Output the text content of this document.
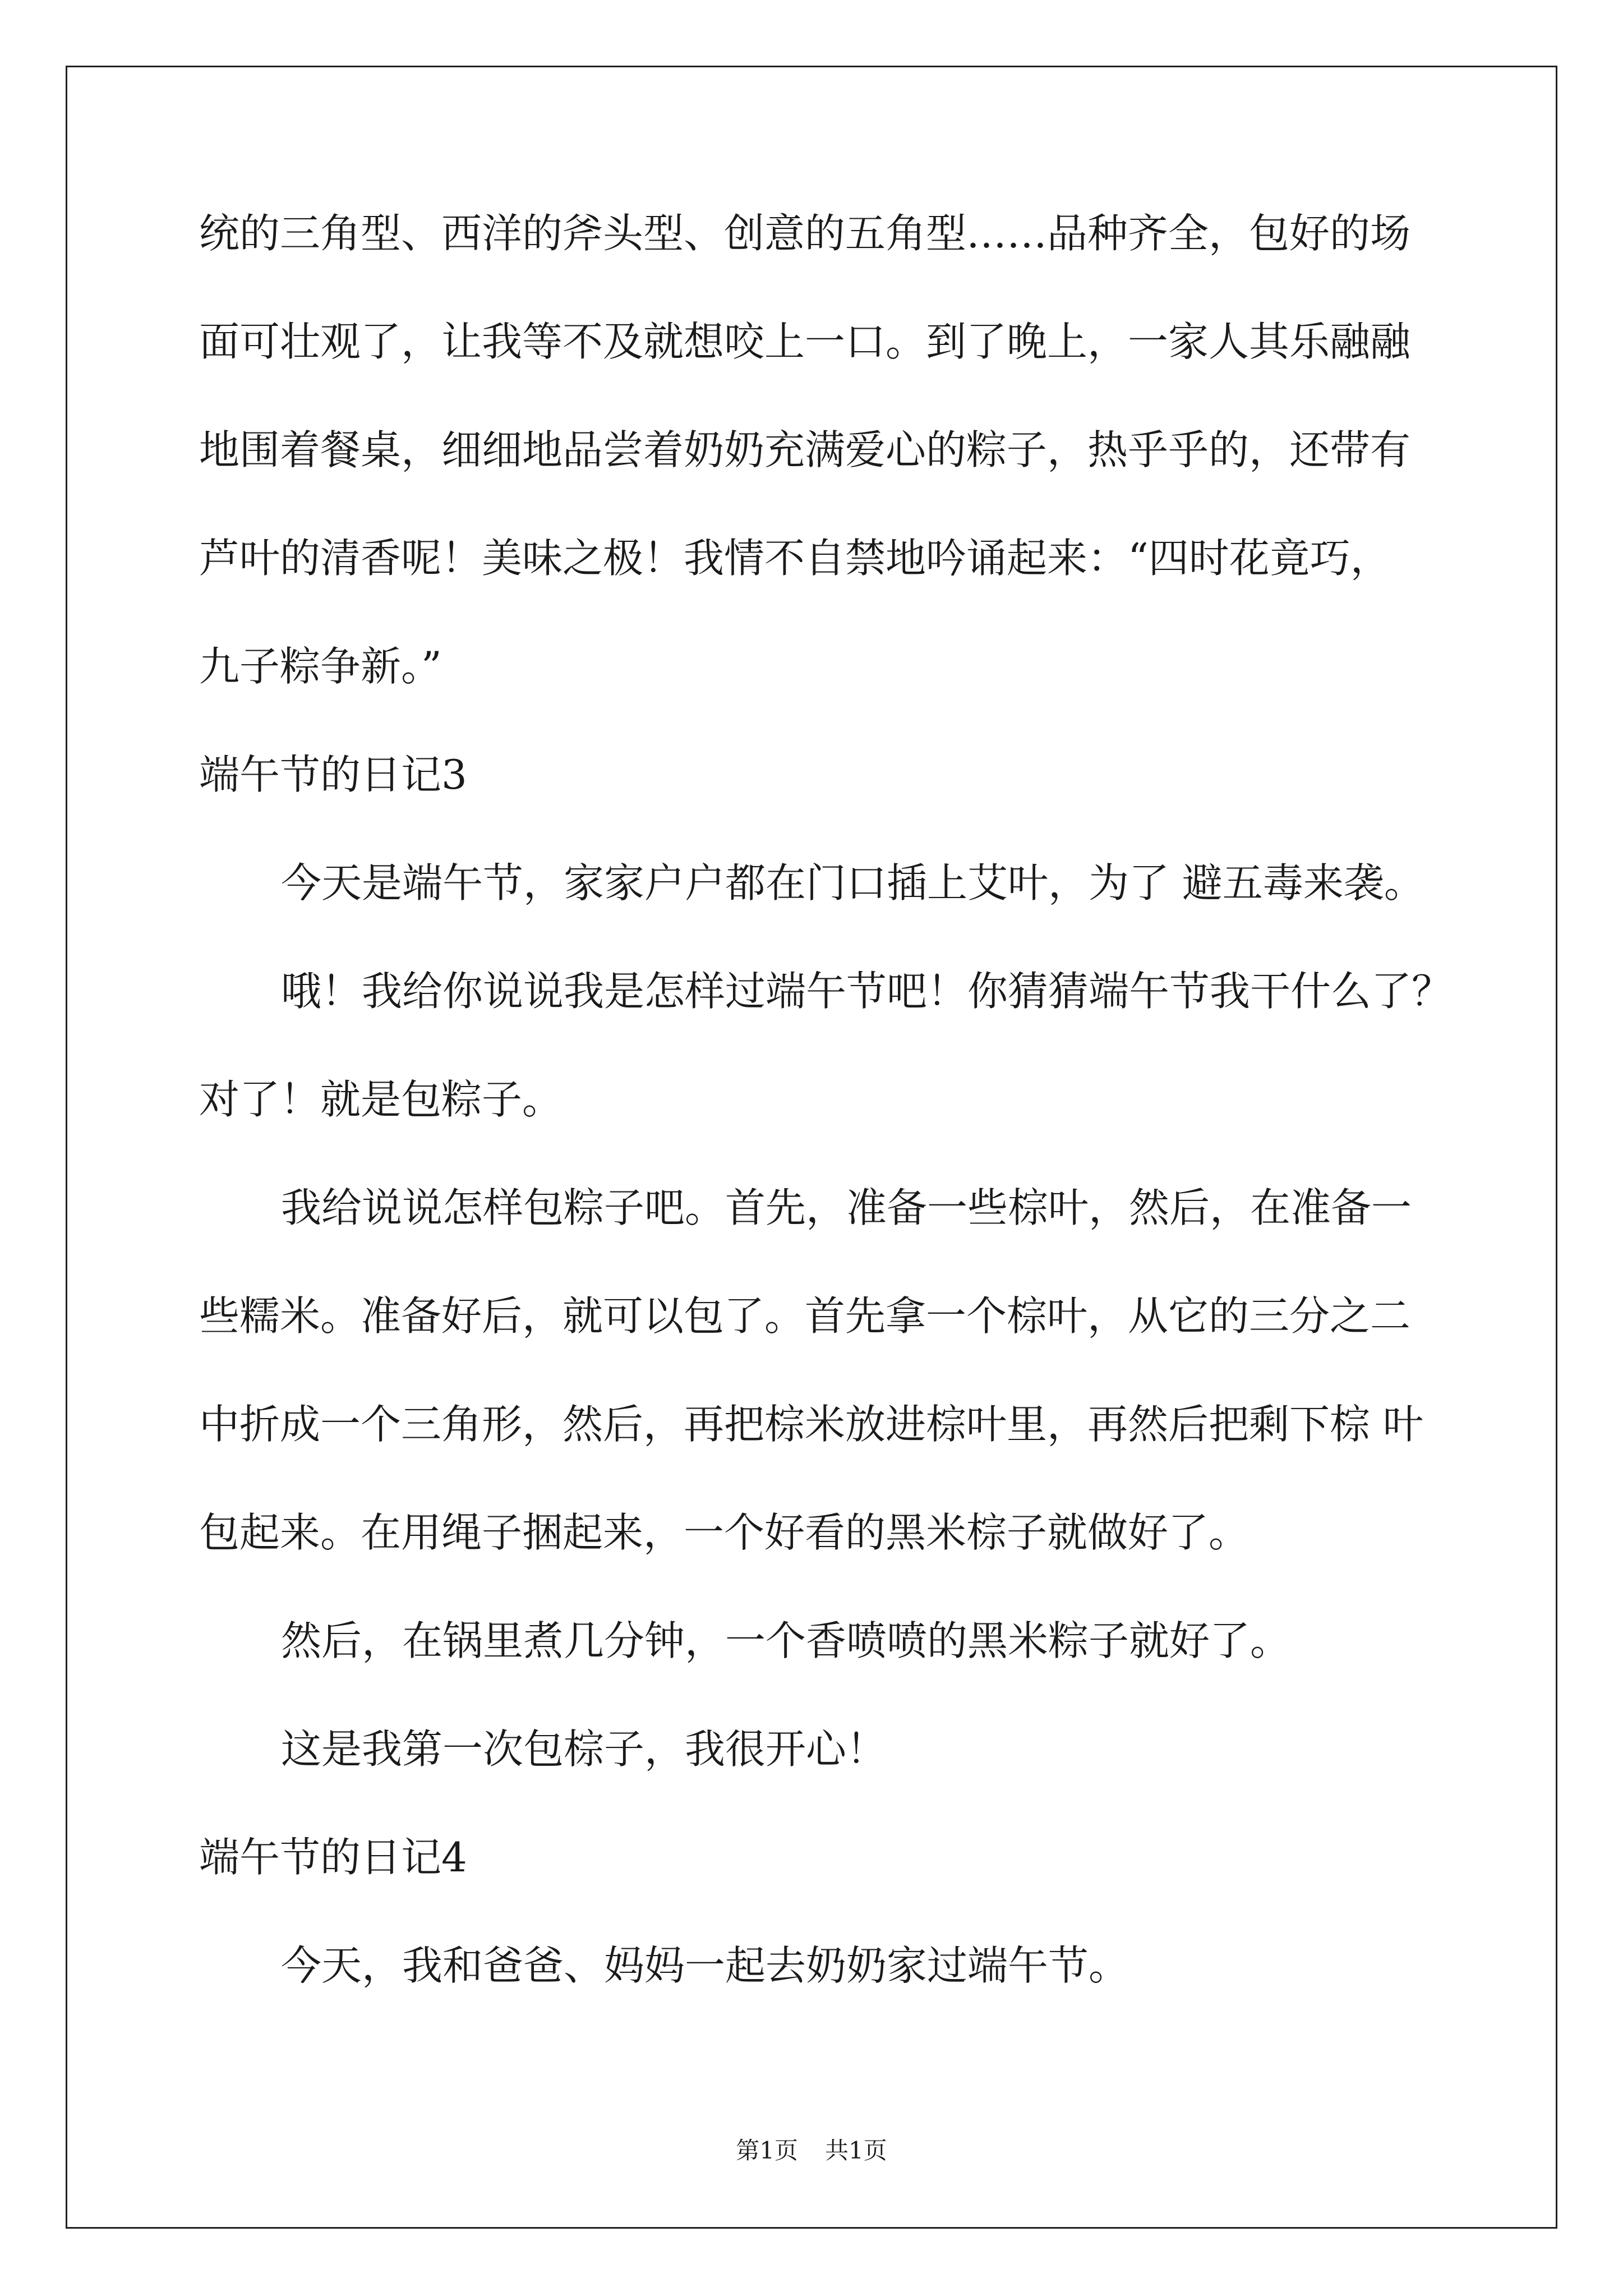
统的三角型、西洋的斧头型、创意的五角型……品种齐全，包好的场
面可壮观了，让我等不及就想咬上一口。到了晚上，一家人其乐融融
地围着餐桌，细细地品尝着奶奶充满爱心的粽子，热乎乎的，还带有
芦叶的清香呢！美味之极！我情不自禁地吟诵起来：“四时花竟巧，
九子粽争新。”
端午节的日记3
今天是端午节，家家户户都在门口插上艾叶，为了 避五毒来袭。
哦！我给你说说我是怎样过端午节吧！你猜猜端午节我干什么了？
对了！就是包粽子。
我给说说怎样包粽子吧。首先，准备一些棕叶，然后，在准备一
些糯米。准备好后，就可以包了。首先拿一个棕叶，从它的三分之二
中折成一个三角形，然后，再把棕米放进棕叶里，再然后把剩下棕 叶
包起来。在用绳子捆起来，一个好看的黑米棕子就做好了。
然后，在锅里煮几分钟，一个香喷喷的黑米粽子就好了。
这是我第一次包棕子，我很开心！
端午节的日记4
今天，我和爸爸、妈妈一起去奶奶家过端午节。
第1页 共1页
